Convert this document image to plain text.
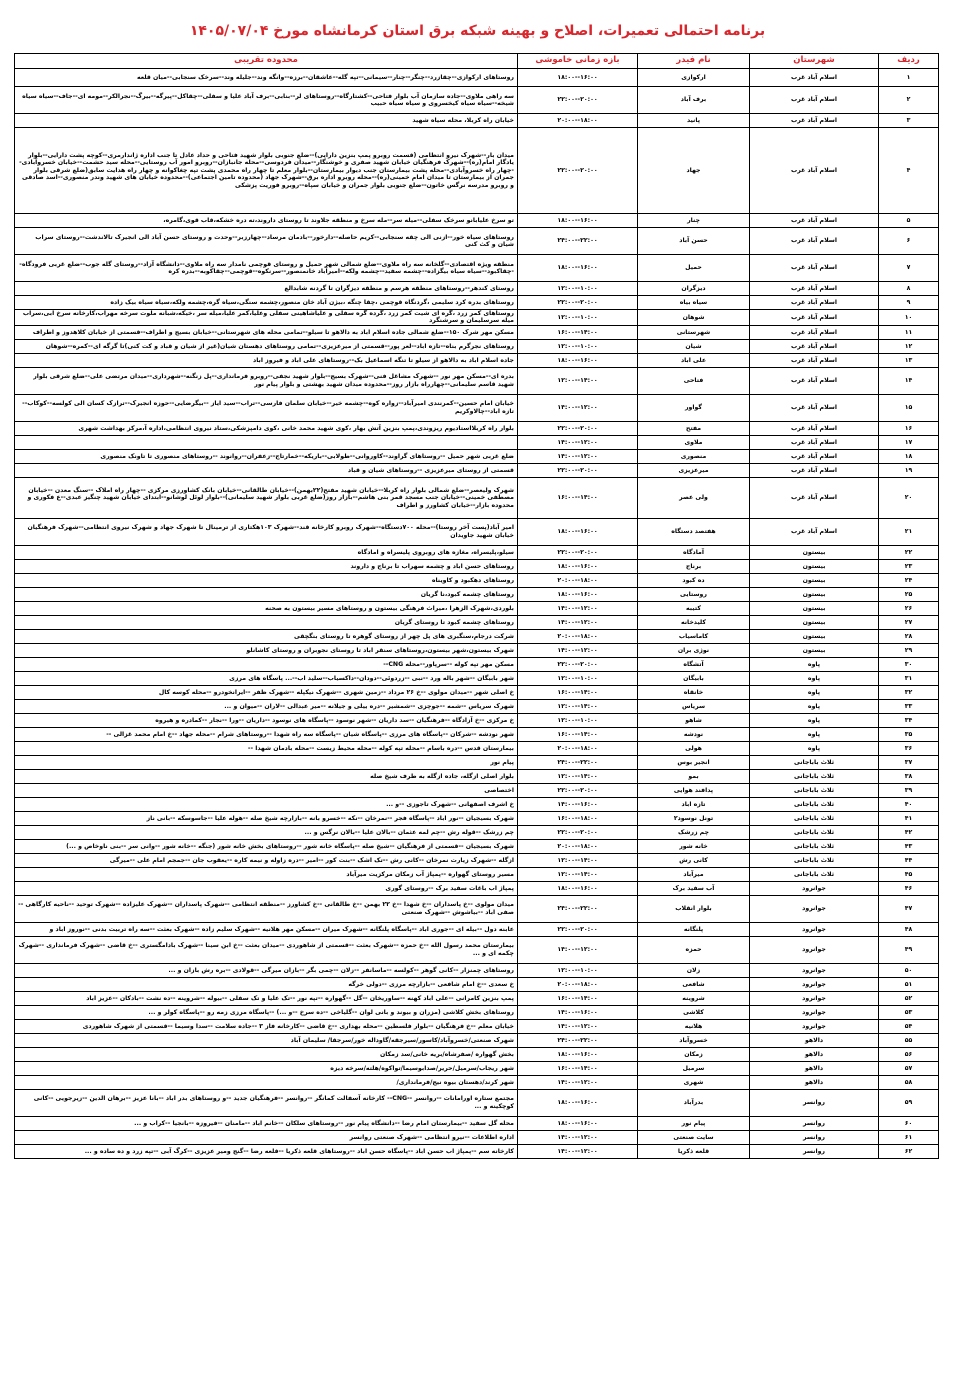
برنامه احتمالی تعمیرات، اصلاح و بهینه شبکه برق استان کرمانشاه مورخ ۱۴۰۵/۰۷/۰۴
ردیف	شهرستان	نام فیدر	بازه زمانی خاموشی	محدوده تقریبی
۱	اسلام آباد غرب	ارکوازی	۱۶:۰۰--۱۸:۰۰	روستاهای ارکوازی--چقازرد--چنگر--چنار--سیمانی--تپه گله--عاشقان--برزه--وانگه وند--جلیله وند--سرخک سنجابی--میان قلعه
۲	اسلام آباد غرب	برف آباد	۲۰:۰۰--۲۲:۰۰	سه راهی ملاوی--جاده سازمان آب بلوار فتاحی--کشتارگاه--روستاهای لر--بنابی--برف آباد علیا و سفلی--چقاکل--پیرگه--بیرگ--نجرالکر--مومه ای--جاف--سیاه سیاه شیخه--سیاه سیاه کیخسروی و سیاه سیاه حبیب
۳	اسلام آباد غرب	پانید	۱۸:۰۰--۲۰:۰۰	خیابان راه کربلا، محله سیاه شهید
۴	اسلام آباد غرب	جهاد	۲۰:۰۰--۲۲:۰۰	میدان بار--شهرک نیرو انتظامی (قسمت روبرو پمپ بنزین دارایی)--ضلع جنوبی بلوار شهید فتاحی و حداد عادل تا جنب اداره ژاندارمری--کوچه پشت دارایی--بلوار یادگار امام(ره)--شهرک فرهنگیان خیابان شهید صفری و خوشنگار--میدان فردوسی--محله جانبازان--روبرو امور آب روستایی--محله سید حشمت--خیابان خسروآبادی--چهار راه خسروآبادی--محله پشت بیمارستان جنب دیوار بیمارستان--بلوار معلم تا چهار راه محمدی پشت تپه چغاکوانه و چهار راه هدایت سابق(ضلع شرقی بلوار جمران از بیمارستان تا میدان امام خمینی(ره)--محله روبرو اداره برق--شهرک جهاد (محدوده تامین اجتماعی)--محدوده خیابان های شهید وندر منصوری--اسد صادقی و روبرو مدرسه نرگس خاتون--ضلع جنوبی بلوار جمران و خیابان سپاه--روبرو فوریت پزشکی
۵	اسلام آباد غرب	چنار	۱۶:۰۰--۱۸:۰۰	تو سرخ علیابانو سرخک سفلی--میله سر--مله سرخ و منطقه جلاوند تا روستای داروند،ته دره خشکه،قاب قوی،گامره،
۶	اسلام آباد غرب	حسن آباد	۲۲:۰۰--۲۴:۰۰	روستاهای سیاه خور--ازنی الی چقه سنجابی--کریم حاصله--دارخور--بادمان مرساد--چهارزبر--وحدت و روستای حسن آباد الی انجیرک تالاندشت--روستای سراب شیان و کث کنی
۷	اسلام آباد غرب	حمیل	۱۶:۰۰--۱۸:۰۰	منطقه ویژه اقتصادی--گلخانه سه راه ملاوی--ضلع شمالی شهر حمیل و روستای قوچمی نامدار سه راه ملاوی--دانشگاه آزاد--روستای گله جوب--ضلع غربی فرودگاه--چقاکبود--سیاه سیاه بیگزاده--چشمه سفید--چشمه ولکه--امیرآباد خانمنصور--سرنکوه--قوچمی--چقاکوبه--بدره کره
۸	اسلام آباد غرب	دیزگران	۱۰:۰۰--۱۲:۰۰	روستای کندهر--روستاهای منطقه هرسم و منطقه دیزگران تا گردنه شابدالع
۹	اسلام آباد غرب	سیاه بیاه	۲۰:۰۰--۲۲:۰۰	روستاهای بدره کرد سلیمی ،گردنگاه قوچمی ،چقا چنگه ،بیژن آباد خان منصور،چشمه سنگی،سیاه گره،چشمه ولکه،سیاه سیاه بیک زاده
۱۰	اسلام آباد غرب	شوهان	۱۰:۰۰--۱۲:۰۰	روستاهای کمر زرد ،گره ای شیت کمر زرد ،گرده گره سفلی و علیاشاهینی سفلی وعلیا،کمر علیا،میله سر ،خیکه،شبانه ملوت سرخه مهراب،کارخانه سرخ آبی،سراب میله سرسلیمان و سرشنگرد
۱۱	اسلام آباد غرب	شهرستانی	۱۴:۰۰--۱۶:۰۰	مسکن مهر شرک ۱۵۰--ضلع شمالی جاده اسلام اباد به دالاهو تا سیلو--تمامی محله های شهرستانی--خیابان بسیج و اطراف--قسمتی از خیابان کلاهدوز و اطراف
۱۲	اسلام آباد غرب	شیان	۱۰:۰۰--۱۲:۰۰	روستاهای نجرگرم بناه--تازه اباد--لعر پور--قسمتی از میرعزیزی--تمامی روستاهای دهستان شیان(غیر از شیان و قباد و کت کنی)تا گرگه ای--کمره--شوهان
۱۳	اسلام آباد غرب	علی اباد	۱۶:۰۰--۱۸:۰۰	جاده اسلام اباد به دالاهو از سیلو تا تنگه اسماعیل بک--روستاهای علی اباد و فیروز اباد
۱۴	اسلام آباد غرب	فتاحی	۱۴:۰۰--۱۲:۰۰	بدره ای--مسکن مهر نور --شهرک مشاغل فنی--شهرک بسیج--بلوار شهید نجفی--روبرو فرمانداری--پل زنگنه--شهرداری--میدان مرتضی علی--ضلع شرقی بلوار شهید قاسم سلیمانی--چهارراه بازار روز--محدوده میدان شهید بهشتی و بلوار پیام نور
۱۵	اسلام آباد غرب	گواور	۱۲:۰۰--۱۴:۰۰	خیابان امام حسین--کمرنندی امیرآباد--زواره کوه--چشمه خیر--خیابان سلمان فارسی--تراب--سید ایاز --بیگرضایی--حوزه انجیرک--ترازک کسان الی کولسه--کوکاب--تازه اباد--چالاوکریم
۱۶	اسلام آباد غرب	مفتح	۲۰:۰۰--۲۲:۰۰	بلوار راه کربلااستادیوم ریزوندی،پمپ بنزین آتش بهار ،کوی شهید محمد خانی ،کوی دامپزشکی،ستاد نیروی انتظامی،اداره آ،مرکز بهداشت شهری
۱۷	اسلام آباد غرب	ملاوی	۱۲:۰۰--۱۴:۰۰	
۱۸	اسلام آباد غرب	منصوری	۱۲:۰۰--۱۴:۰۰	ضلع غربی شهر حمیل --روستاهای گراوند--کاوروانی--طولابی--باریکه--خمارتاج--زعفران--روانوند --روستاهای منصوری تا تاونک منصوری
۱۹	اسلام آباد غرب	میرعزیزی	۲۰:۰۰--۲۲:۰۰	قسمتی از روستای میرعزیزی --روستاهای شیان و قباد
۲۰	اسلام آباد غرب	ولی عصر	۱۴:۰۰--۱۶:۰۰	شهرک ولیعصر--ضلع شمالی بلوار راه کربلا--خیابان شهید مفتح(۲۲بهمن)--خیابان طالقانی--خیابان بانک کشاورزی مرکزی --چهار راه املاک --سنگ معدن --خیابان مصطفی خمینی--خیابان جنب مسجد قمر بنی هاشم--بازار روز(ضلع غربی بلوار شهید سلیمانی)--بلوار لوئل لوشانو--ابتدای خیابان شهید چنگیز عبدی--ع فکوری و محدوده بازار--خیابان کشاورز و اطراف
۲۱	اسلام آباد غرب	هفتصد دستگاه	۱۶:۰۰--۱۸:۰۰	امیر آباد(پست آخر روستا)--محله ۷۰۰دستگاه--شهرک روبرو کارخانه قند--شهرک ۱۰۳هکتاری از ترمینال تا شهرک جهاد و شهرک نیروی انتظامی--شهرک فرهنگیان خیابان شهید جاویدان
۲۲	بیستون	آمادگاه	۲۰:۰۰--۲۲:۰۰	سیلو،پلیسراه، مغازه های روبروی پلیسراه و امادگاه
۲۳	بیستون	برناج	۱۶:۰۰--۱۸:۰۰	روستاهای حسن اباد و چشمه سهراب تا برناج و داروند
۲۴	بیستون	ده کبود	۱۸:۰۰--۲۰:۰۰	روستاهای دهکبود و کاویناه
۲۵	بیستون	روستایی	۱۶:۰۰--۱۸:۰۰	روستاهای چشمه کبود،نا گریان
۲۶	بیستون	کتیبه	۱۲:۰۰--۱۴:۰۰	بلوردی،شهرک الزهرا ،میراث فرهنگی بیستون و روستاهای مسیر بیستون به صحنه
۲۷	بیستون	کلیدخانه	۱۲:۰۰--۱۴:۰۰	روستاهای چشمه کبود تا روستای گریان
۲۸	بیستون	کاماسیاب	۱۸:۰۰--۲۰:۰۰	شرکت درجام،سنگبری های پل چهر از روستای گوهره تا روستای بنگچقی
۲۹	بیستون	نوژی بران	۱۲:۰۰--۱۴:۰۰	شهرک بیستون،شهر بیستون،روستاهای سنقر اباد تا روستای نجوبران و روستای کاشانلو
۳۰	پاوه	آتشگاه	۲۰:۰۰--۲۲:۰۰	مسکن مهر تپه کوله --سرپاور--محله CNG--
۳۱	پاوه	بابیگان	۱۰:۰۰--۱۲:۰۰	شهر بابیگان --شهر باله ورد --نبی --زردوئی--دودان--داکسیاب--سلید اب--... پاسگاه های مرزی
۳۲	پاوه	خانقاه	۱۴:۰۰--۱۶:۰۰	خ اصلی شهر --میدان مولوی --خ ۲۶ مرداد --زمین شهری --شهرک نیکپله --شهرک ظفر --ایرانخودرو --محله کوسه کال
۳۳	پاوه	سریاس	۱۴:۰۰--۱۲:۰۰	شهرک سریاس --شمه --جوچزی --شمشیر --دره ییلی و جیلانه --میر عبدالی --لاران --میوان و ...
۳۴	پاوه	شاهو	۱۰:۰۰--۱۲:۰۰	خ مرکزی --خ آزادگاه --فرهنگیان --سد داریان --شهر نوسود --پاسگاه های نوسود --داریان --ورا --نجار --کمادره و هیروه
۳۵	پاوه	نودشه	۱۴:۰۰--۱۶:۰۰	شهر نودشه --شرکان --پاسگاه های مرزی --پاسگاه شیان --پاسگاه سه راه شهدا --روستاهای شرام --محله جهاد --خ امام محمد غزالی --
۳۶	پاوه	هولی	۱۸:۰۰--۲۰:۰۰	بیمارستان قدس --دره باسام --محله تپه کوله --محله محیط زیست --محله بادمان شهدا --
۳۷	ثلاث باباجانی	انجیر بوس	۲۲:۰۰--۲۴:۰۰	پیام نور
۳۸	ثلاث باباجانی	بمو	۱۴:۰۰--۱۲:۰۰	بلوار اصلی ازگله، جاده ازگله به طرف شیخ صله
۳۹	ثلاث باباجانی	پدافند هوایی	۲۰:۰۰--۲۲:۰۰	اختصاصی
۴۰	ثلاث باباجانی	تازه اباد	۱۶:۰۰--۱۴:۰۰	خ اشرف اصفهانی --شهرک تاجوزی --و ...
۴۱	ثلاث باباجانی	تونل نوسود۲	۱۸:۰۰--۱۶:۰۰	شهرک بسیجیان --نور اباد --پاسگاه فجر --نمرخان --نکه --خسرو بانه --بازارچه شیخ صله --هوله علیا --جاسوسکه --بانی ناز
۴۲	ثلاث باباجانی	چم زرشک	۲۰:۰۰--۲۲:۰۰	چم زرشک --قوله رش --چم لمه عثمان --بالان علیا --بالان نرگس و ...
۴۳	ثلاث باباجانی	خانه شور	۱۸:۰۰--۲۰:۰۰	شهرک بسیجیان --قسمتی از فرهنگیان --شیخ صله --پاسگاه خانه شور --روستاهای بخش خانه شور (جنگه --خانه شور --وانی سر --بنی ناوخاص و ...)
۴۴	ثلاث باباجانی	کانی رش	۱۴:۰۰--۱۲:۰۰	ازگله --شهرک زیارت نمرخان --کانی رش --تک اشک --بنت کور --امیر --دره زاوله و نیمه کاره --یعقوب جان --جمجم امام علی --میرگی
۴۵	ثلاث باباجانی	میرآباد	۱۴:۰۰--۱۲:۰۰	مسیر روستای گهواره --پمپاژ آب زمکان مرکزیت میرآباد
۴۶	جوانرود	آب سفید برک	۱۶:۰۰--۱۸:۰۰	پمپاژ اب باغات سفید برک --روستای گوری
۴۷	جوانرود	بلوار انقلاب	۲۲:۰۰--۲۴:۰۰	میدان مولوی --خ پاسداران --خ شهدا --خ ۲۲ بهمن --خ طالقانی --خ کشاورز --منطقه انتظامی --شهرک پاسداران --شهرک علیزاده --شهرک توحید --ناحیه کارگاهی -- صفی اباد --بیاشوش --شهرک صنعتی
۴۸	جوانرود	پلنگانه	۲۰:۰۰--۲۲:۰۰	عابنه دول --بیله ای --جوری اباد --پاسگاه پلنگانه --شهرک میران --مسکن مهر هلانیه --شهرک سلیم زاده --شهرک بعثت --سه راه تربیت بدنی --نوروز اباد و
۴۹	جوانرود	حمزه	۱۲:۰۰--۱۴:۰۰	بیمارستان محمد رسول الله --خ حمزه --شهرک بعثت --قسمتی از شاهوردی --میدان بعثت --خ ابن سینا --شهرک بادامگستری --خ قاضی --شهرک فرمانداری --شهرک چکمه ای و ...
۵۰	جوانرود	زلان	۱۰:۰۰--۱۲:۰۰	روستاهای چمنزار --کانی گوهر --کولسه --ماسانفر --زلان --چمی بگر --بازان میرگی --قولادی --بره رش بازان و ...
۵۱	جوانرود	شافعی	۱۸:۰۰--۲۰:۰۰	خ سعدی --خ امام شافعی --بازارچه مرزی --دولی خرگه
۵۲	جوانرود	شروینه	۱۴:۰۰--۱۶:۰۰	پمپ بنزین کامرانی --علی اباد کهنه --ساوریخان --گل --گهواره --تپه نور --تک علیا و تک سفلی --بیوله --شروینه --ده نشت --بادکان --عزیز اباد
۵۳	جوانرود	کلاشی	۱۶:۰۰--۱۴:۰۰	روستاهای بخش کلاشی (مزران و بیوند و بانی لوان --گلیاخی --ده سرخ --و ...) --پاسگاه مرزی زمه رو --پاسگاه کولر و ...
۵۴	جوانرود	هلانیه	۱۲:۰۰--۱۴:۰۰	خیابان معلم --خ فرهنگیان --بلوار فلسطین --محله بهداری --خ قاضی --کارخانه فاز ۳ --جاده سلامت --سدا وسیما --قسمتی از شهرک شاهوردی
۵۵	دالاهو	خسروآباد	۲۲:۰۰--۲۴:۰۰	شهرک صنعتی/خسروآباد/کاسور/سیرجقه/گاوداله خور/سرجقا/ سلیمان آباد
۵۶	دالاهو	زمکان	۱۶:۰۰--۱۸:۰۰	بخش گهواره /صفرشاه/بریه خانی/سد زمکان
۵۷	دالاهو	سرمیل	۱۴:۰۰--۱۶:۰۰	شهر ریجاب/سرمیل/حریر/صدابوسیما/تواکوه/هلته/سرخه دیزه
۵۸	دالاهو	شهری	۱۲:۰۰--۱۴:۰۰	شهر کرند/دهستان بیوه نیج/فرمانداری/
۵۹	روانسر	بدرآباد	۱۶:۰۰--۱۸:۰۰	مجتمع ستاره اورامانات --روانسر --CNG-- کارخانه آسفالت کمانگر --روانسر --فرهنگیان جدید --و روستاهای بدر اباد --بانا عزیز --برهان الدین --زیرجویی --کانی کوچکینه و ...
۶۰	روانسر	پیام نور	۱۶:۰۰--۱۸:۰۰	محله گل سفید --بیمارستان امام رضا --دانشگاه پیام نور --روستاهای سلکان --خانم اباد --مامنان --فیروزه --بانجیا --کراب و ...
۶۱	روانسر	سایت صنعتی	۱۲:۰۰--۱۴:۰۰	اداره اطلاعات --نیرو انتظامی --شهرک صنعتی روانسر
۶۲	روانسر	قلعه ذکریا	۱۲:۰۰--۱۴:۰۰	کارخانه سم --پمپاژ اب حسن اباد --پاسگاه حسن اباد --روستاهای قلعه ذکریا --قلعه رضا --گنج ومیر عزیزی --کرگ آبی --تپه زرد و ده ساده و ...
